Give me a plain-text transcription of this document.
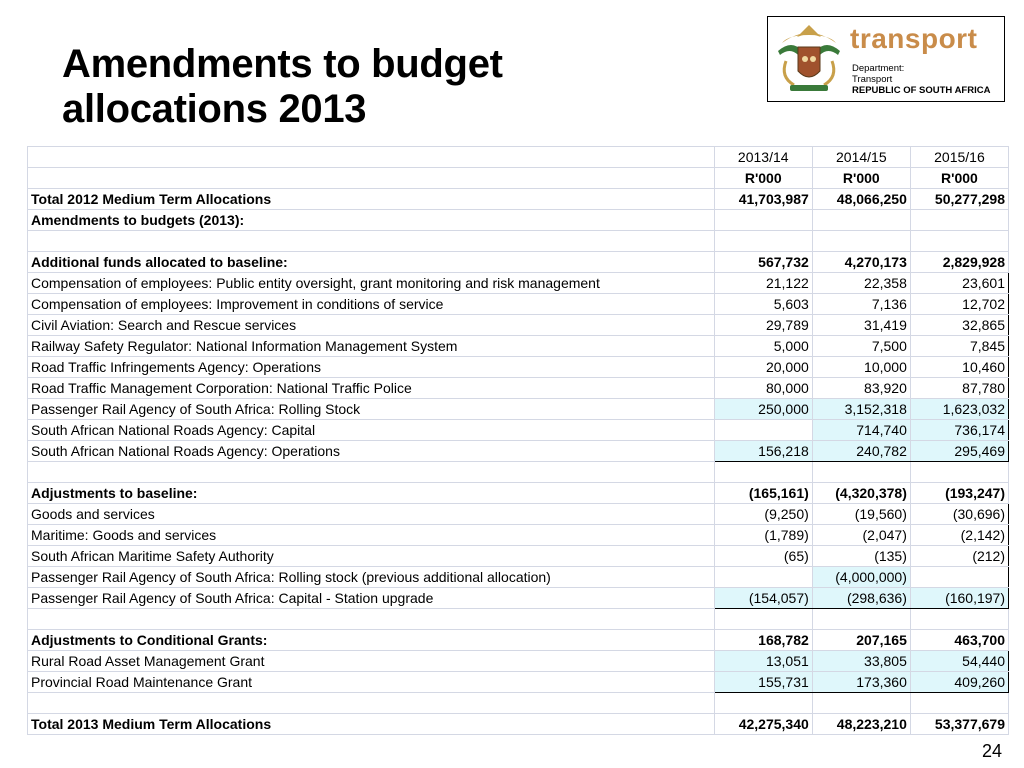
Amendments to budget
allocations 2013
transport
Department:
Transport
REPUBLIC OF SOUTH AFRICA
	2013/14	2014/15	2015/16
	R'000	R'000	R'000
Total 2012 Medium Term Allocations	41,703,987	48,066,250	50,277,298
Amendments to budgets (2013):			

Additional funds allocated to baseline:	567,732	4,270,173	2,829,928
Compensation of employees: Public entity oversight, grant monitoring and risk management	21,122	22,358	23,601
Compensation of employees: Improvement in conditions of service	5,603	7,136	12,702
Civil Aviation: Search and Rescue services	29,789	31,419	32,865
Railway Safety Regulator: National Information Management System	5,000	7,500	7,845
Road Traffic Infringements Agency: Operations	20,000	10,000	10,460
Road Traffic Management Corporation: National Traffic Police	80,000	83,920	87,780
Passenger Rail Agency of South Africa: Rolling Stock	250,000	3,152,318	1,623,032
South African National Roads Agency: Capital		714,740	736,174
South African National Roads Agency: Operations	156,218	240,782	295,469

Adjustments to baseline:	(165,161)	(4,320,378)	(193,247)
Goods and services	(9,250)	(19,560)	(30,696)
Maritime: Goods and services	(1,789)	(2,047)	(2,142)
South African Maritime Safety Authority	(65)	(135)	(212)
Passenger Rail Agency of South Africa: Rolling stock (previous additional allocation)		(4,000,000)	
Passenger Rail Agency of South Africa: Capital - Station upgrade	(154,057)	(298,636)	(160,197)

Adjustments to Conditional Grants:	168,782	207,165	463,700
Rural Road Asset Management Grant	13,051	33,805	54,440
Provincial Road Maintenance Grant	155,731	173,360	409,260

Total 2013 Medium Term Allocations	42,275,340	48,223,210	53,377,679
24
